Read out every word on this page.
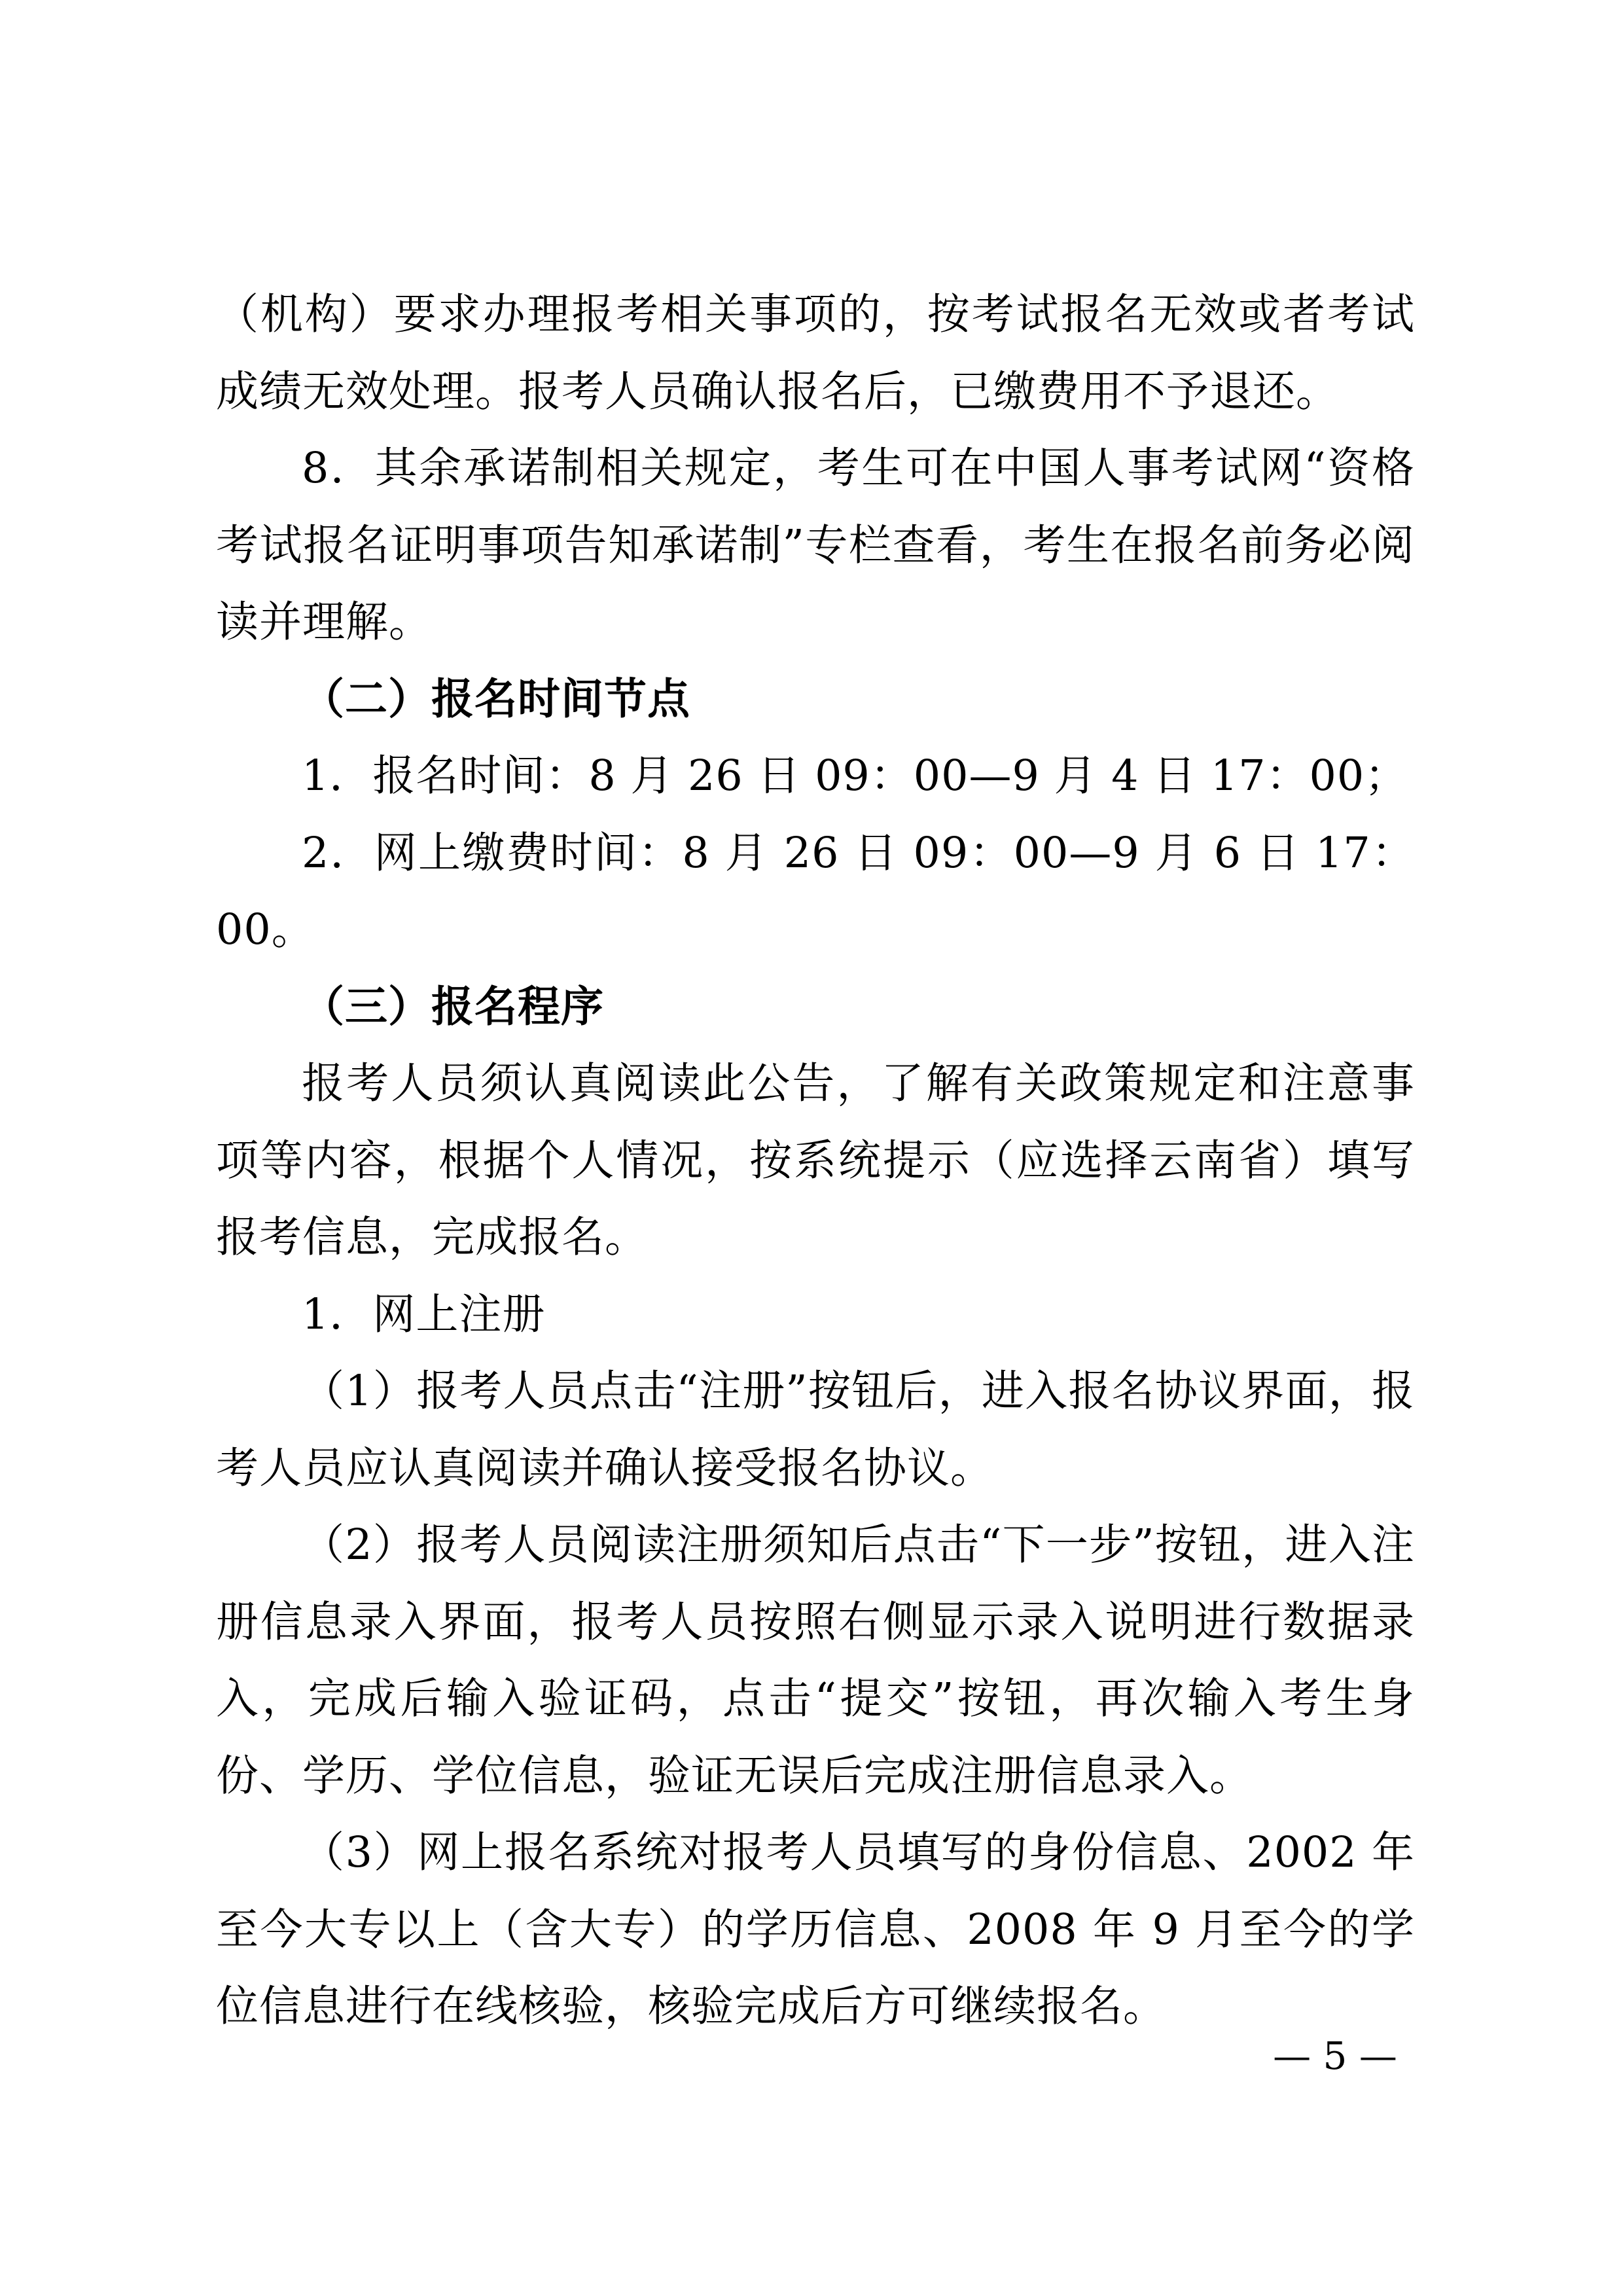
（机构）要求办理报考相关事项的，按考试报名无效或者考试成绩无效处理。报考人员确认报名后，已缴费用不予退还。

8．其余承诺制相关规定，考生可在中国人事考试网“资格考试报名证明事项告知承诺制”专栏查看，考生在报名前务必阅读并理解。

（二）报名时间节点

1．报名时间：8 月 26 日 09：00—9 月 4 日 17：00；

2．网上缴费时间：8 月 26 日 09：00—9 月 6 日 17：00。

（三）报名程序

报考人员须认真阅读此公告，了解有关政策规定和注意事项等内容，根据个人情况，按系统提示（应选择云南省）填写报考信息，完成报名。

1．网上注册

（1）报考人员点击“注册”按钮后，进入报名协议界面，报考人员应认真阅读并确认接受报名协议。

（2）报考人员阅读注册须知后点击“下一步”按钮，进入注册信息录入界面，报考人员按照右侧显示录入说明进行数据录入，完成后输入验证码，点击“提交”按钮，再次输入考生身份、学历、学位信息，验证无误后完成注册信息录入。

（3）网上报名系统对报考人员填写的身份信息、2002 年至今大专以上（含大专）的学历信息、2008 年 9 月至今的学位信息进行在线核验，核验完成后方可继续报名。

— 5 —
